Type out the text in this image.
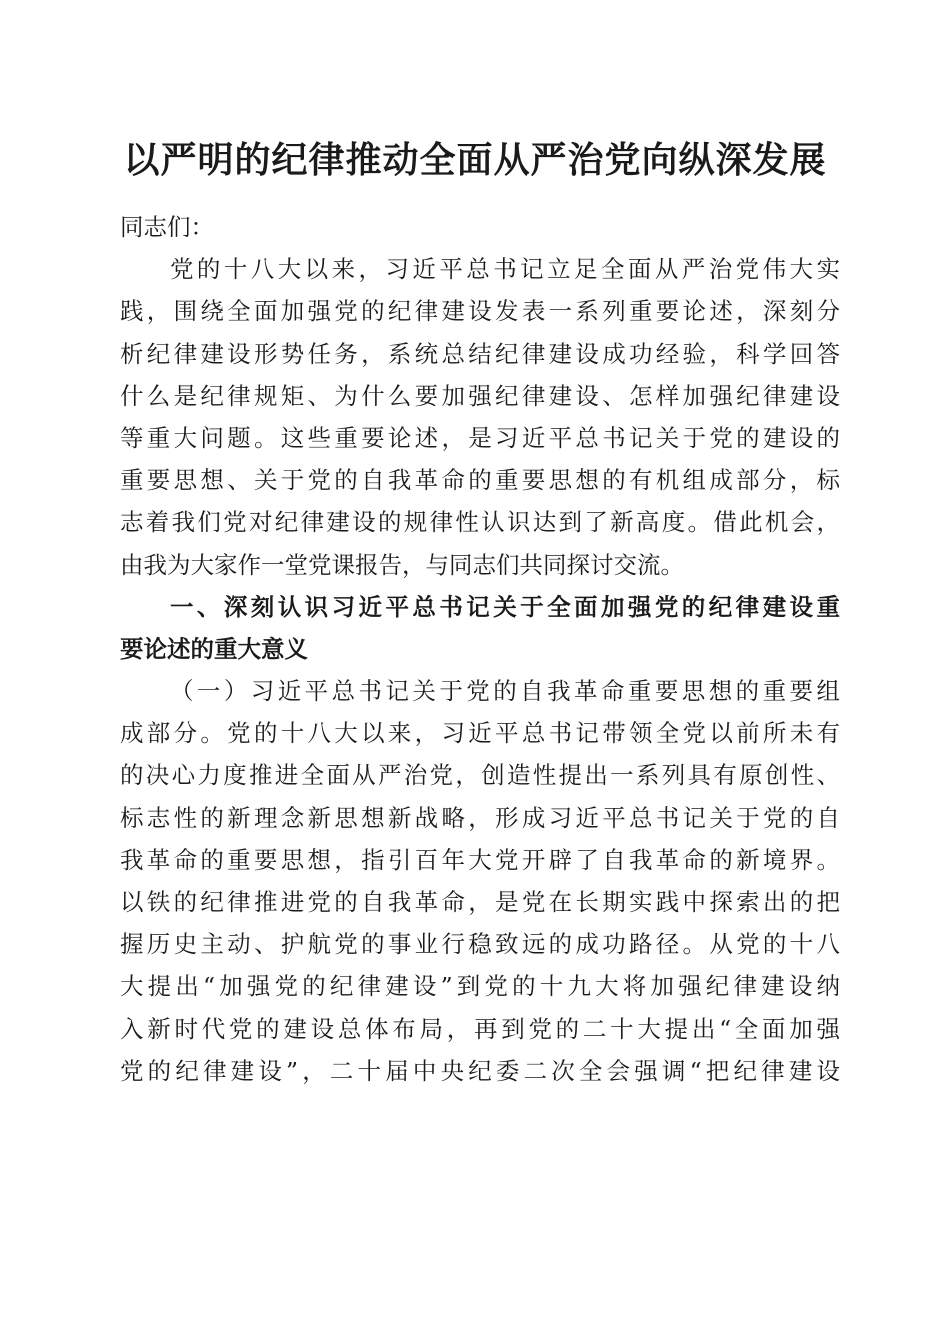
以严明的纪律推动全面从严治党向纵深发展
同志们：
党的十八大以来，习近平总书记立足全面从严治党伟大实
践，围绕全面加强党的纪律建设发表一系列重要论述，深刻分
析纪律建设形势任务，系统总结纪律建设成功经验，科学回答
什么是纪律规矩、为什么要加强纪律建设、怎样加强纪律建设
等重大问题。这些重要论述，是习近平总书记关于党的建设的
重要思想、关于党的自我革命的重要思想的有机组成部分，标
志着我们党对纪律建设的规律性认识达到了新高度。借此机会，
由我为大家作一堂党课报告，与同志们共同探讨交流。
一、深刻认识习近平总书记关于全面加强党的纪律建设重
要论述的重大意义
（一）习近平总书记关于党的自我革命重要思想的重要组
成部分。党的十八大以来，习近平总书记带领全党以前所未有
的决心力度推进全面从严治党，创造性提出一系列具有原创性、
标志性的新理念新思想新战略，形成习近平总书记关于党的自
我革命的重要思想，指引百年大党开辟了自我革命的新境界。
以铁的纪律推进党的自我革命，是党在长期实践中探索出的把
握历史主动、护航党的事业行稳致远的成功路径。从党的十八
大提出“加强党的纪律建设”到党的十九大将加强纪律建设纳
入新时代党的建设总体布局，再到党的二十大提出“全面加强
党的纪律建设”，二十届中央纪委二次全会强调“把纪律建设
